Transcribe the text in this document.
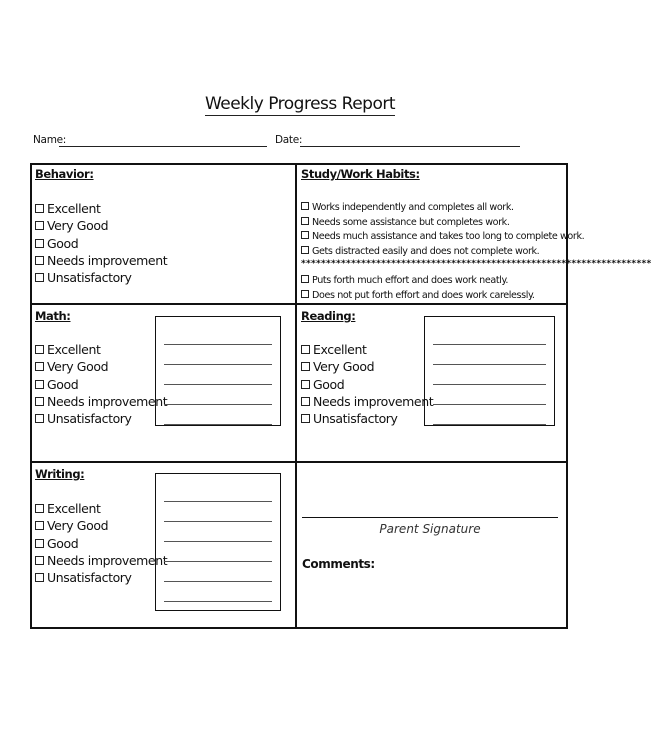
Weekly Progress Report
Name:	Date:
Behavior:
Excellent
Very Good
Good
Needs improvement
Unsatisfactory
Study/Work Habits:
Works independently and completes all work.
Needs some assistance but completes work.
Needs much assistance and takes too long to complete work.
Gets distracted easily and does not complete work.
**********************************************************************
Puts forth much effort and does work neatly.
Does not put forth effort and does work carelessly.
Math:
Excellent
Very Good
Good
Needs improvement
Unsatisfactory
Reading:
Excellent
Very Good
Good
Needs improvement
Unsatisfactory
Writing:
Excellent
Very Good
Good
Needs improvement
Unsatisfactory
Parent Signature
Comments:
